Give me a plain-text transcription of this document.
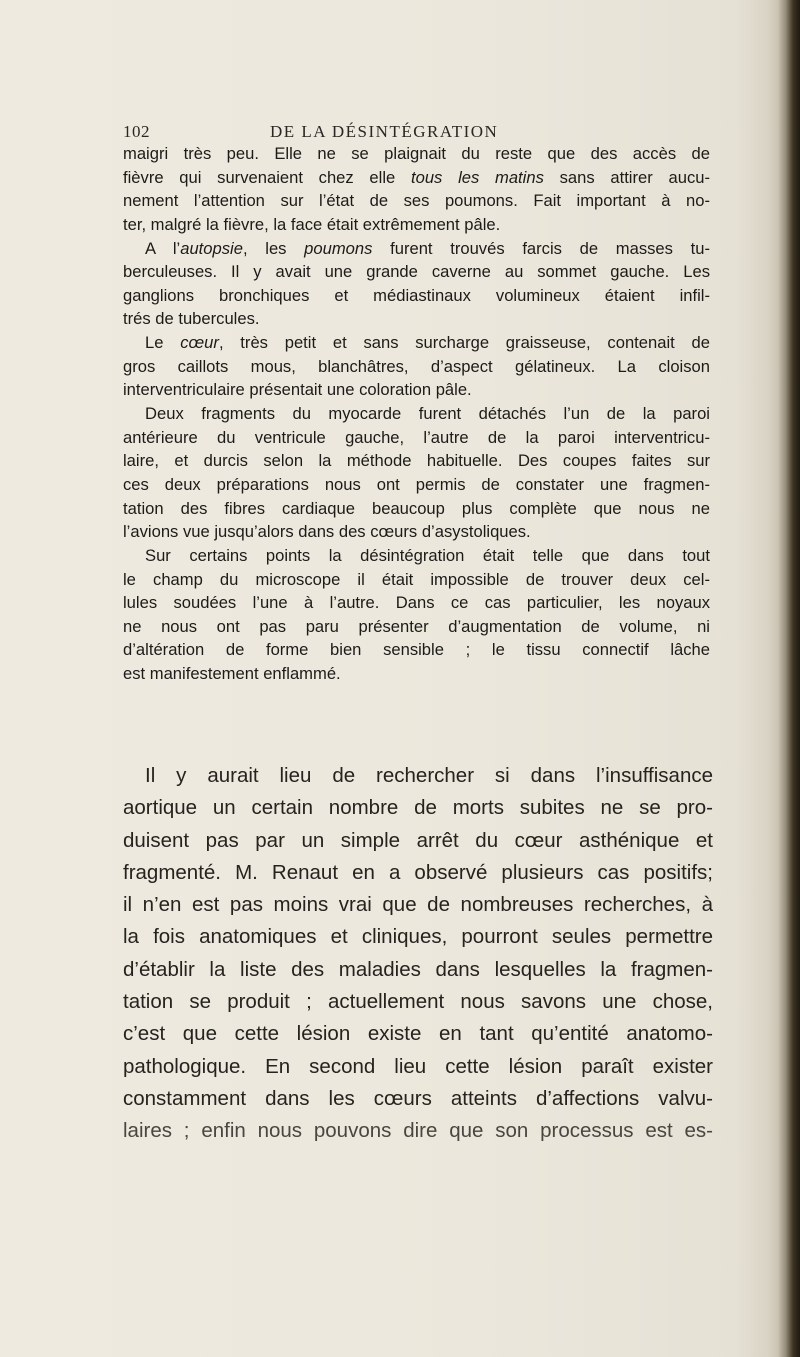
102	DE LA DÉSINTÉGRATION
maigri très peu. Elle ne se plaignait du reste que des accès de
fièvre qui survenaient chez elle tous les matins sans attirer aucu-
nement l’attention sur l’état de ses poumons. Fait important à no-
ter, malgré la fièvre, la face était extrêmement pâle.
A l’autopsie, les poumons furent trouvés farcis de masses tu-
berculeuses. Il y avait une grande caverne au sommet gauche. Les
ganglions bronchiques et médiastinaux volumineux étaient infil-
trés de tubercules.
Le cœur, très petit et sans surcharge graisseuse, contenait de
gros caillots mous, blanchâtres, d’aspect gélatineux. La cloison
interventriculaire présentait une coloration pâle.
Deux fragments du myocarde furent détachés l’un de la paroi
antérieure du ventricule gauche, l’autre de la paroi interventricu-
laire, et durcis selon la méthode habituelle. Des coupes faites sur
ces deux préparations nous ont permis de constater une fragmen-
tation des fibres cardiaque beaucoup plus complète que nous ne
l’avions vue jusqu’alors dans des cœurs d’asystoliques.
Sur certains points la désintégration était telle que dans tout
le champ du microscope il était impossible de trouver deux cel-
lules soudées l’une à l’autre. Dans ce cas particulier, les noyaux
ne nous ont pas paru présenter d’augmentation de volume, ni
d’altération de forme bien sensible ; le tissu connectif lâche
est manifestement enflammé.
Il y aurait lieu de rechercher si dans l’insuffisance
aortique un certain nombre de morts subites ne se pro-
duisent pas par un simple arrêt du cœur asthénique et
fragmenté. M. Renaut en a observé plusieurs cas positifs;
il n’en est pas moins vrai que de nombreuses recherches, à
la fois anatomiques et cliniques, pourront seules permettre
d’établir la liste des maladies dans lesquelles la fragmen-
tation se produit ; actuellement nous savons une chose,
c’est que cette lésion existe en tant qu’entité anatomo-
pathologique. En second lieu cette lésion paraît exister
constamment dans les cœurs atteints d’affections valvu-
laires ; enfin nous pouvons dire que son processus est es-
